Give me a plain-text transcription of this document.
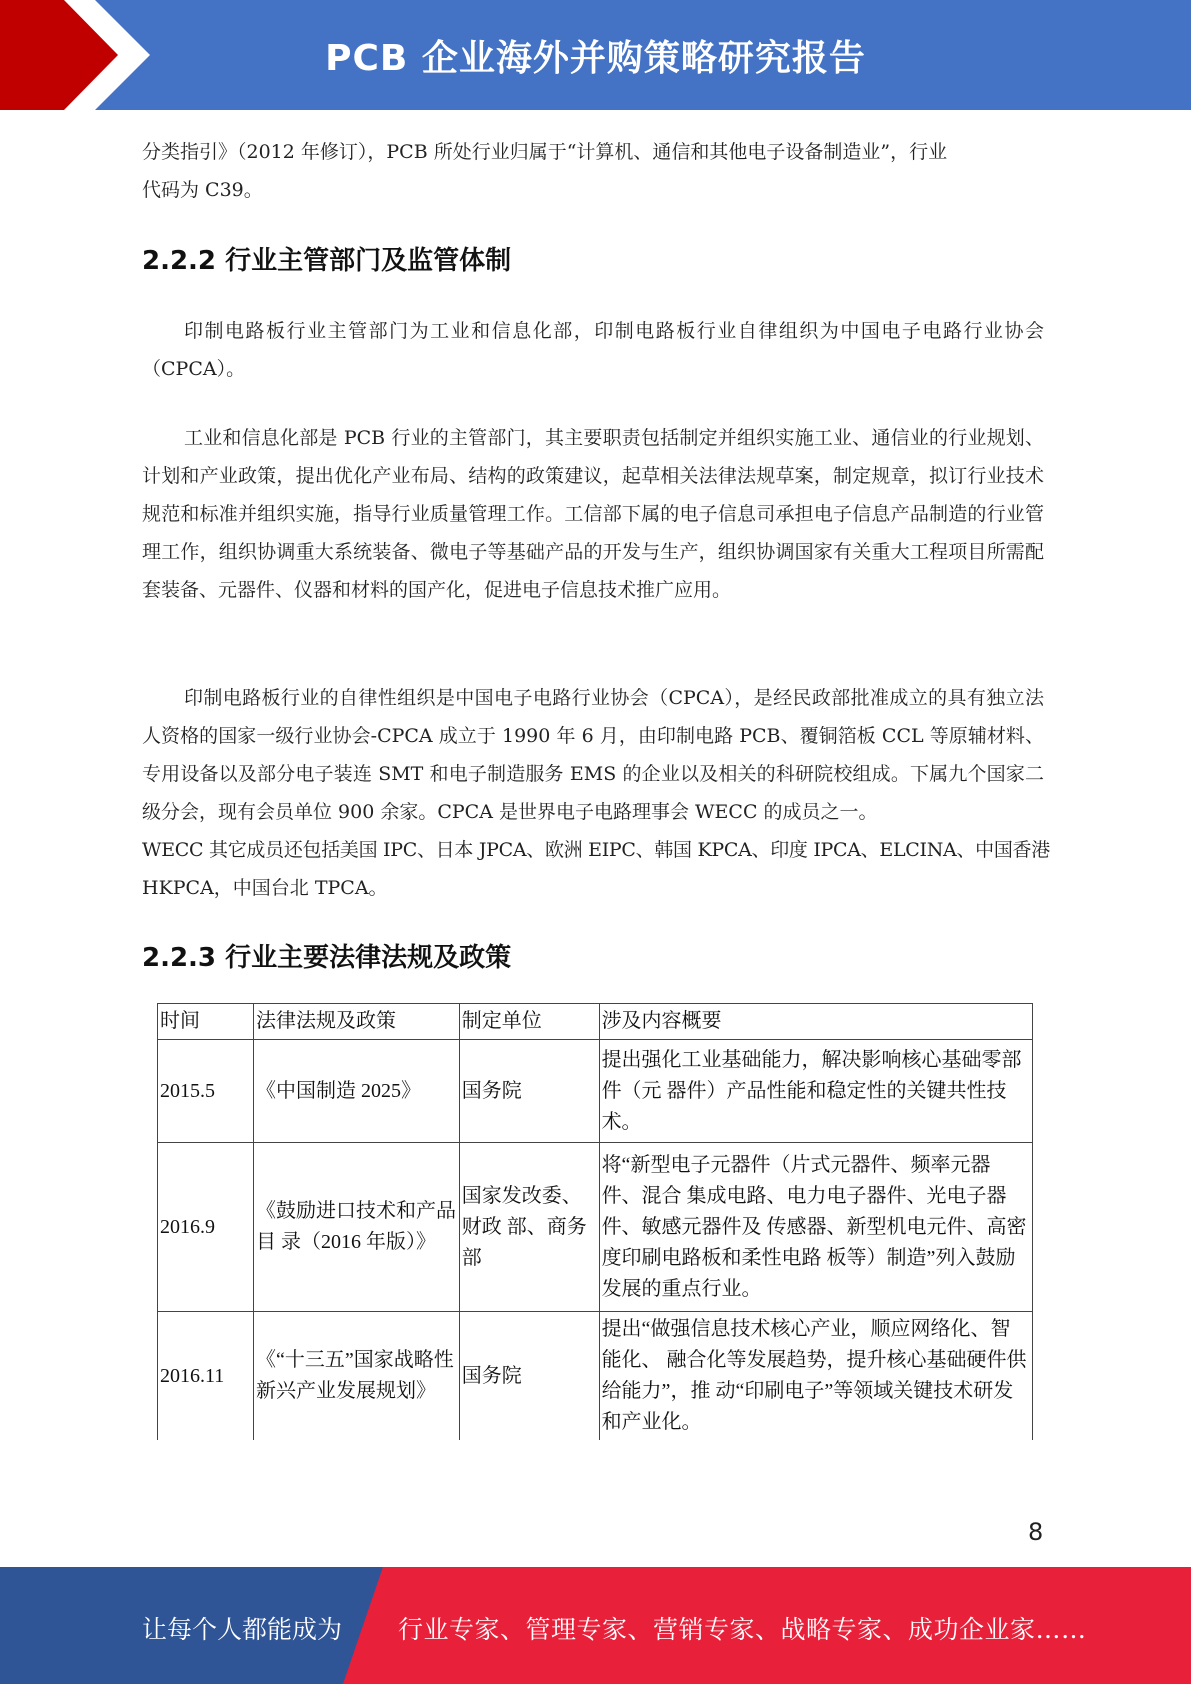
PCB 企业海外并购策略研究报告

分类指引》（2012 年修订），PCB 所处行业归属于“计算机、通信和其他电子设备制造业”，行业

代码为 C39。

2.2.2 行业主管部门及监管体制

印制电路板行业主管部门为工业和信息化部，印制电路板行业自律组织为中国电子电路行业协会（CPCA）。

工业和信息化部是 PCB 行业的主管部门，其主要职责包括制定并组织实施工业、通信业的行业规划、计划和产业政策，提出优化产业布局、结构的政策建议，起草相关法律法规草案，制定规章，拟订行业技术规范和标准并组织实施，指导行业质量管理工作。工信部下属的电子信息司承担电子信息产品制造的行业管理工作，组织协调重大系统装备、微电子等基础产品的开发与生产，组织协调国家有关重大工程项目所需配套装备、元器件、仪器和材料的国产化，促进电子信息技术推广应用。

印制电路板行业的自律性组织是中国电子电路行业协会（CPCA），是经民政部批准成立的具有独立法人资格的国家一级行业协会-CPCA 成立于 1990 年 6 月，由印制电路 PCB、覆铜箔板 CCL 等原辅材料、专用设备以及部分电子装连 SMT 和电子制造服务 EMS 的企业以及相关的科研院校组成。下属九个国家二级分会，现有会员单位 900 余家。CPCA 是世界电子电路理事会 WECC 的成员之一。

WECC 其它成员还包括美国 IPC、日本 JPCA、欧洲 EIPC、韩国 KPCA、印度 IPCA、ELCINA、中国香港

HKPCA，中国台北 TPCA。

2.2.3 行业主要法律法规及政策
时间	法律法规及政策	制定单位	涉及内容概要
2015.5	《中国制造 2025》	国务院	提出强化工业基础能力，解决影响核心基础零部件（元 器件）产品性能和稳定性的关键共性技术。
2016.9	《鼓励进口技术和产品目 录（2016 年版）》	国家发改委、财政 部、商务部	将“新型电子元器件（片式元器件、频率元器件、混合 集成电路、电力电子器件、光电子器件、敏感元器件及 传感器、新型机电元件、高密度印刷电路板和柔性电路 板等）制造”列入鼓励发展的重点行业。
2016.11	《“十三五”国家战略性 新兴产业发展规划》	国务院	提出“做强信息技术核心产业，顺应网络化、智能化、 融合化等发展趋势，提升核心基础硬件供给能力”，推 动“印刷电子”等领域关键技术研发和产业化。
8
让每个人都能成为 行业专家、管理专家、营销专家、战略专家、成功企业家……
